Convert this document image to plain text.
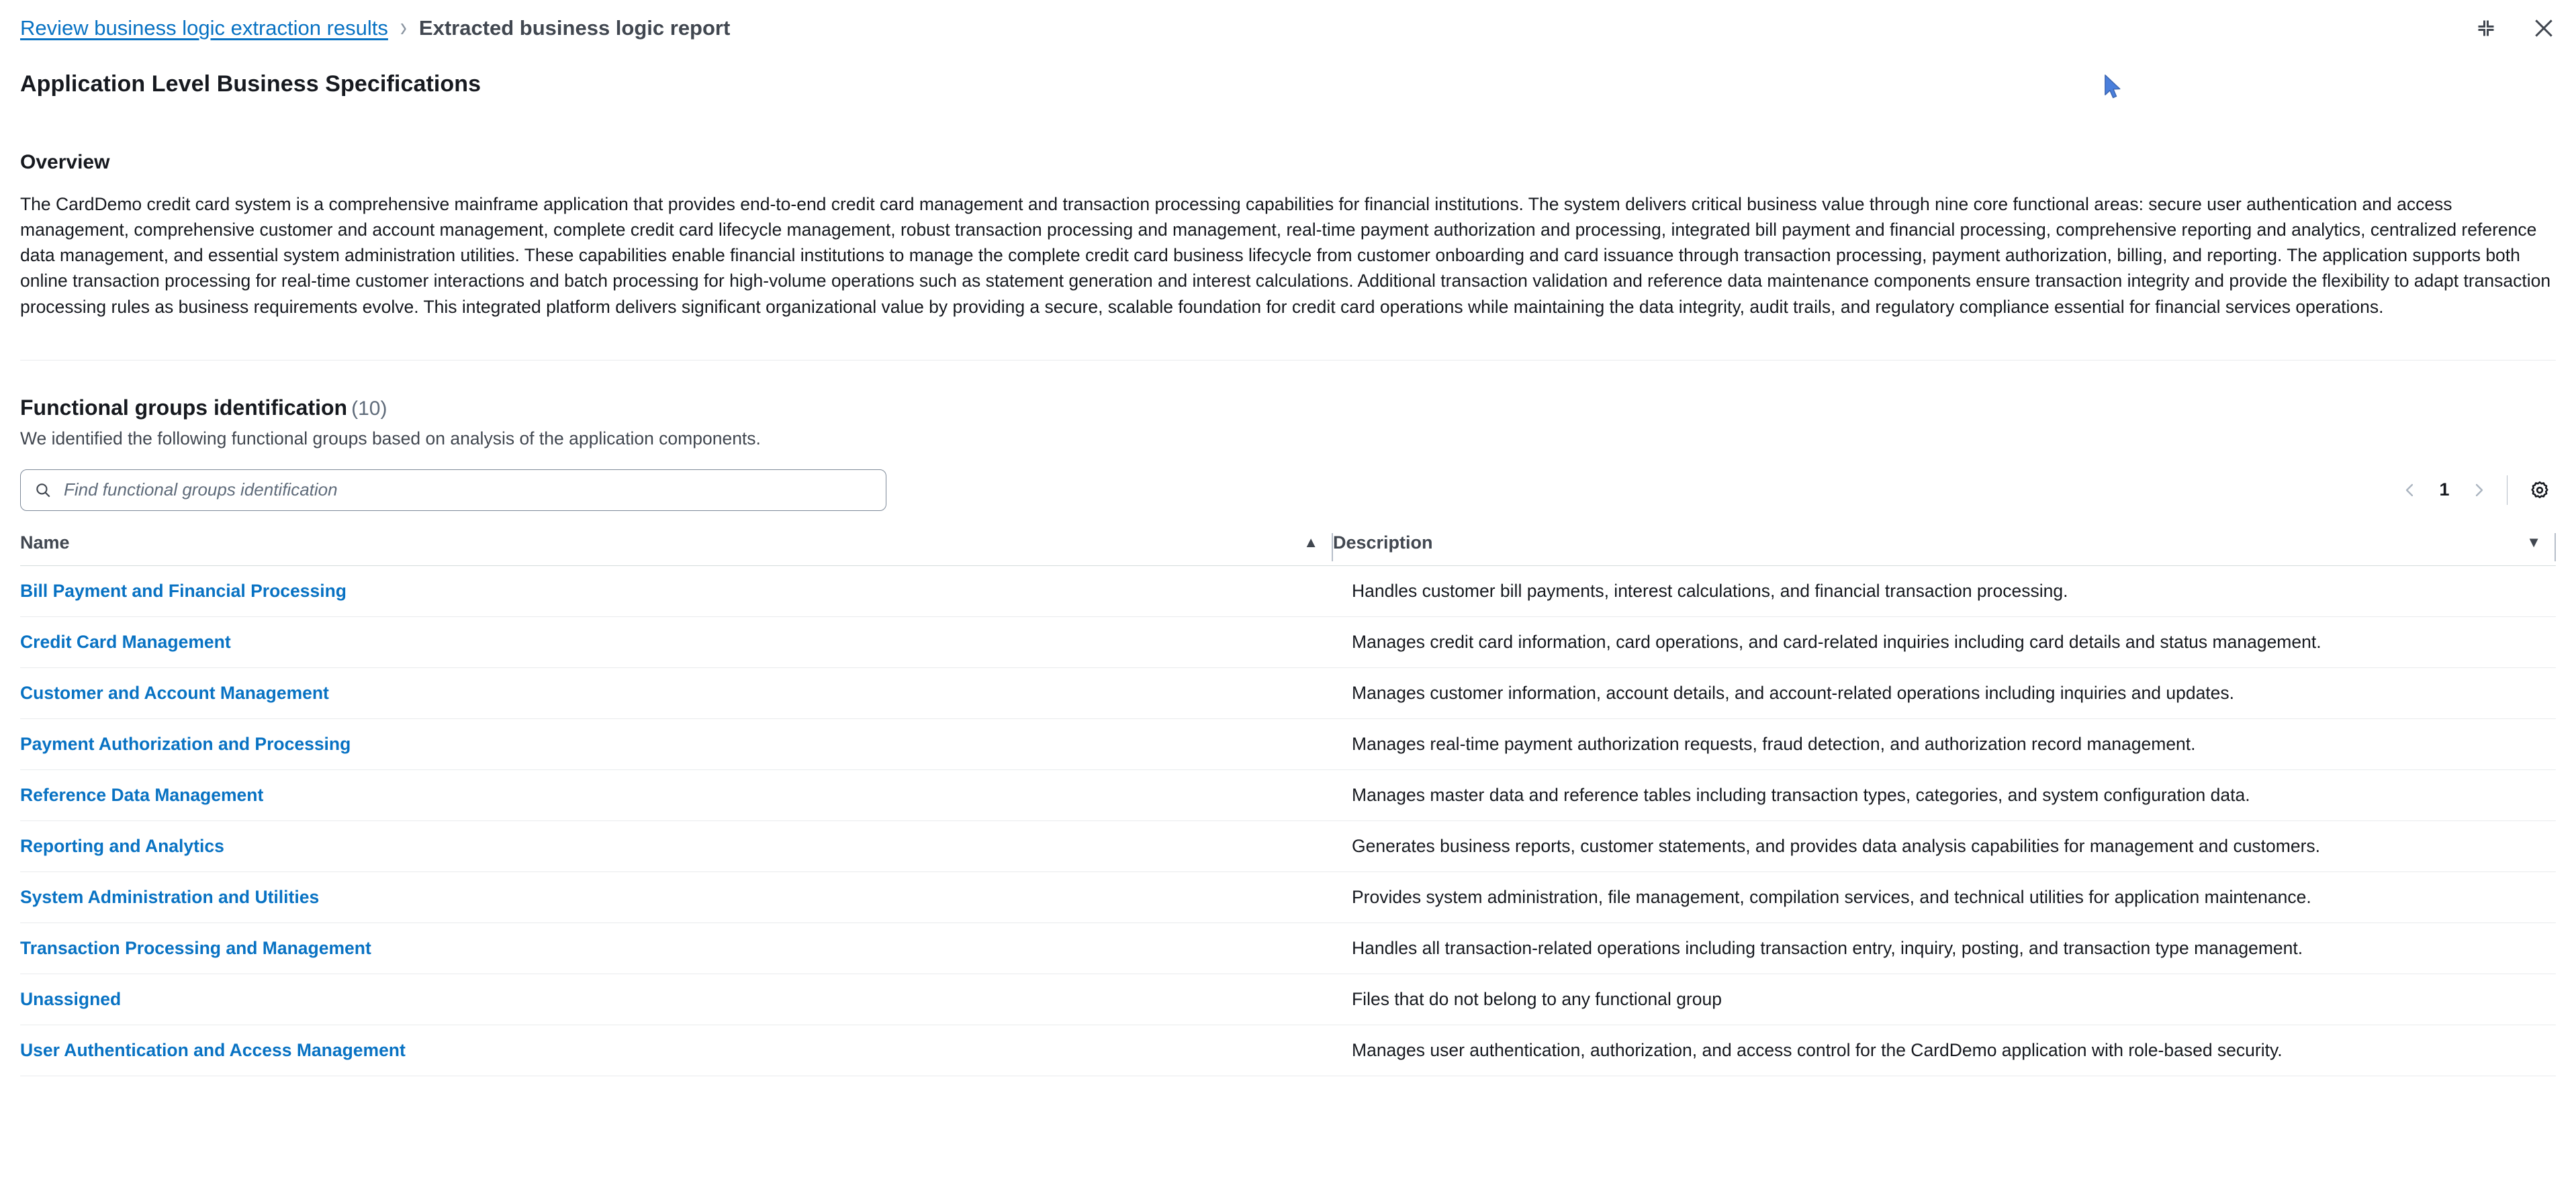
Review business logic extraction results › Extracted business logic report
Application Level Business Specifications
Overview

The CardDemo credit card system is a comprehensive mainframe application that provides end-to-end credit card management and transaction processing capabilities for financial institutions. The system delivers critical business value through nine core functional areas: secure user authentication and access management, comprehensive customer and account management, complete credit card lifecycle management, robust transaction processing and management, real-time payment authorization and processing, integrated bill payment and financial processing, comprehensive reporting and analytics, centralized reference data management, and essential system administration utilities. These capabilities enable financial institutions to manage the complete credit card business lifecycle from customer onboarding and card issuance through transaction processing, payment authorization, billing, and reporting. The application supports both online transaction processing for real-time customer interactions and batch processing for high-volume operations such as statement generation and interest calculations. Additional transaction validation and reference data maintenance components ensure transaction integrity and provide the flexibility to adapt transaction processing rules as business requirements evolve. This integrated platform delivers significant organizational value by providing a secure, scalable foundation for credit card operations while maintaining the data integrity, audit trails, and regulatory compliance essential for financial services operations.

Functional groups identification (10)
We identified the following functional groups based on analysis of the application components.
Find functional groups identification
1
Name ▲	Description ▼

Bill Payment and Financial Processing	Handles customer bill payments, interest calculations, and financial transaction processing.
Credit Card Management	Manages credit card information, card operations, and card-related inquiries including card details and status management.
Customer and Account Management	Manages customer information, account details, and account-related operations including inquiries and updates.
Payment Authorization and Processing	Manages real-time payment authorization requests, fraud detection, and authorization record management.
Reference Data Management	Manages master data and reference tables including transaction types, categories, and system configuration data.
Reporting and Analytics	Generates business reports, customer statements, and provides data analysis capabilities for management and customers.
System Administration and Utilities	Provides system administration, file management, compilation services, and technical utilities for application maintenance.
Transaction Processing and Management	Handles all transaction-related operations including transaction entry, inquiry, posting, and transaction type management.
Unassigned	Files that do not belong to any functional group
User Authentication and Access Management	Manages user authentication, authorization, and access control for the CardDemo application with role-based security.
